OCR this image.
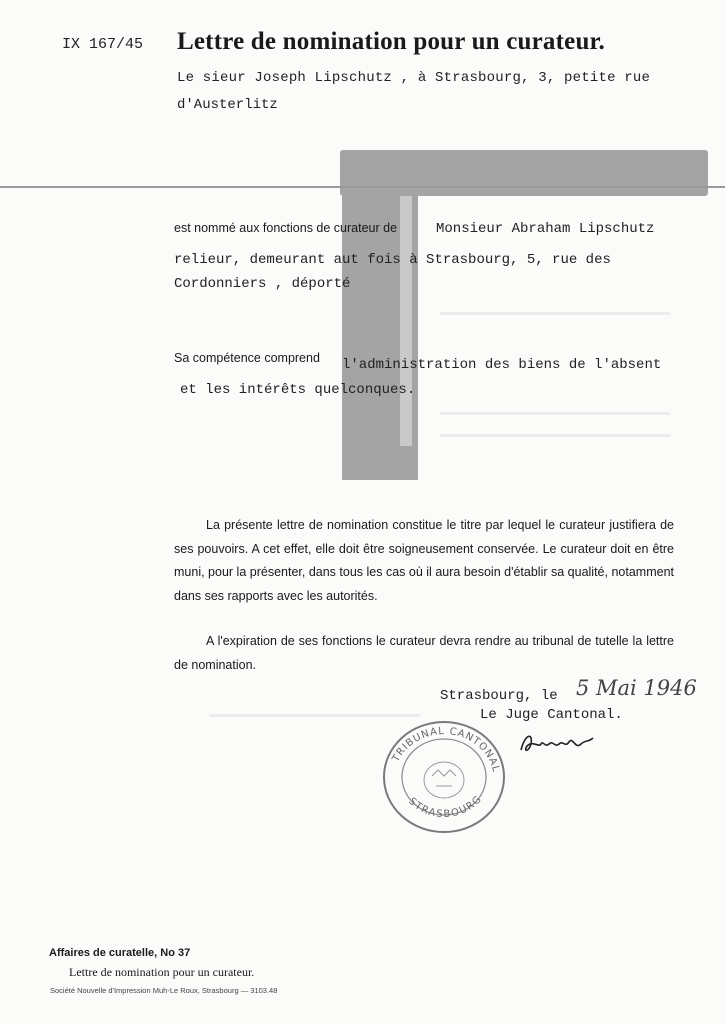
IX 167/45 Lettre de nomination pour un curateur.
Le sieur Joseph Lipschutz , à Strasbourg, 3, petite rue
d'Austerlitz
est nommé aux fonctions de curateur de	Monsieur Abraham Lipschutz
relieur, demeurant aut fois à Strasbourg, 5, rue des
Cordonniers , déporté
Sa compétence comprend l'administration des biens de l'absent
et les intérêts quelconques.
La présente lettre de nomination constitue le titre par lequel le curateur justifiera de ses pouvoirs. A cet effet, elle doit être soigneusement conservée. Le curateur doit en être muni, pour la présenter, dans tous les cas où il aura besoin d'établir sa qualité, notamment dans ses rapports avec les autorités.
A l'expiration de ses fonctions le curateur devra rendre au tribunal de tutelle la lettre de nomination.
Strasbourg, le 5 Mai 1946
Le Juge Cantonal.
TRIBUNAL CANTONAL
STRASBOURG
Affaires de curatelle, No 37
Lettre de nomination pour un curateur.
Société Nouvelle d'Impression Muh-Le Roux, Strasbourg — 3103.48
